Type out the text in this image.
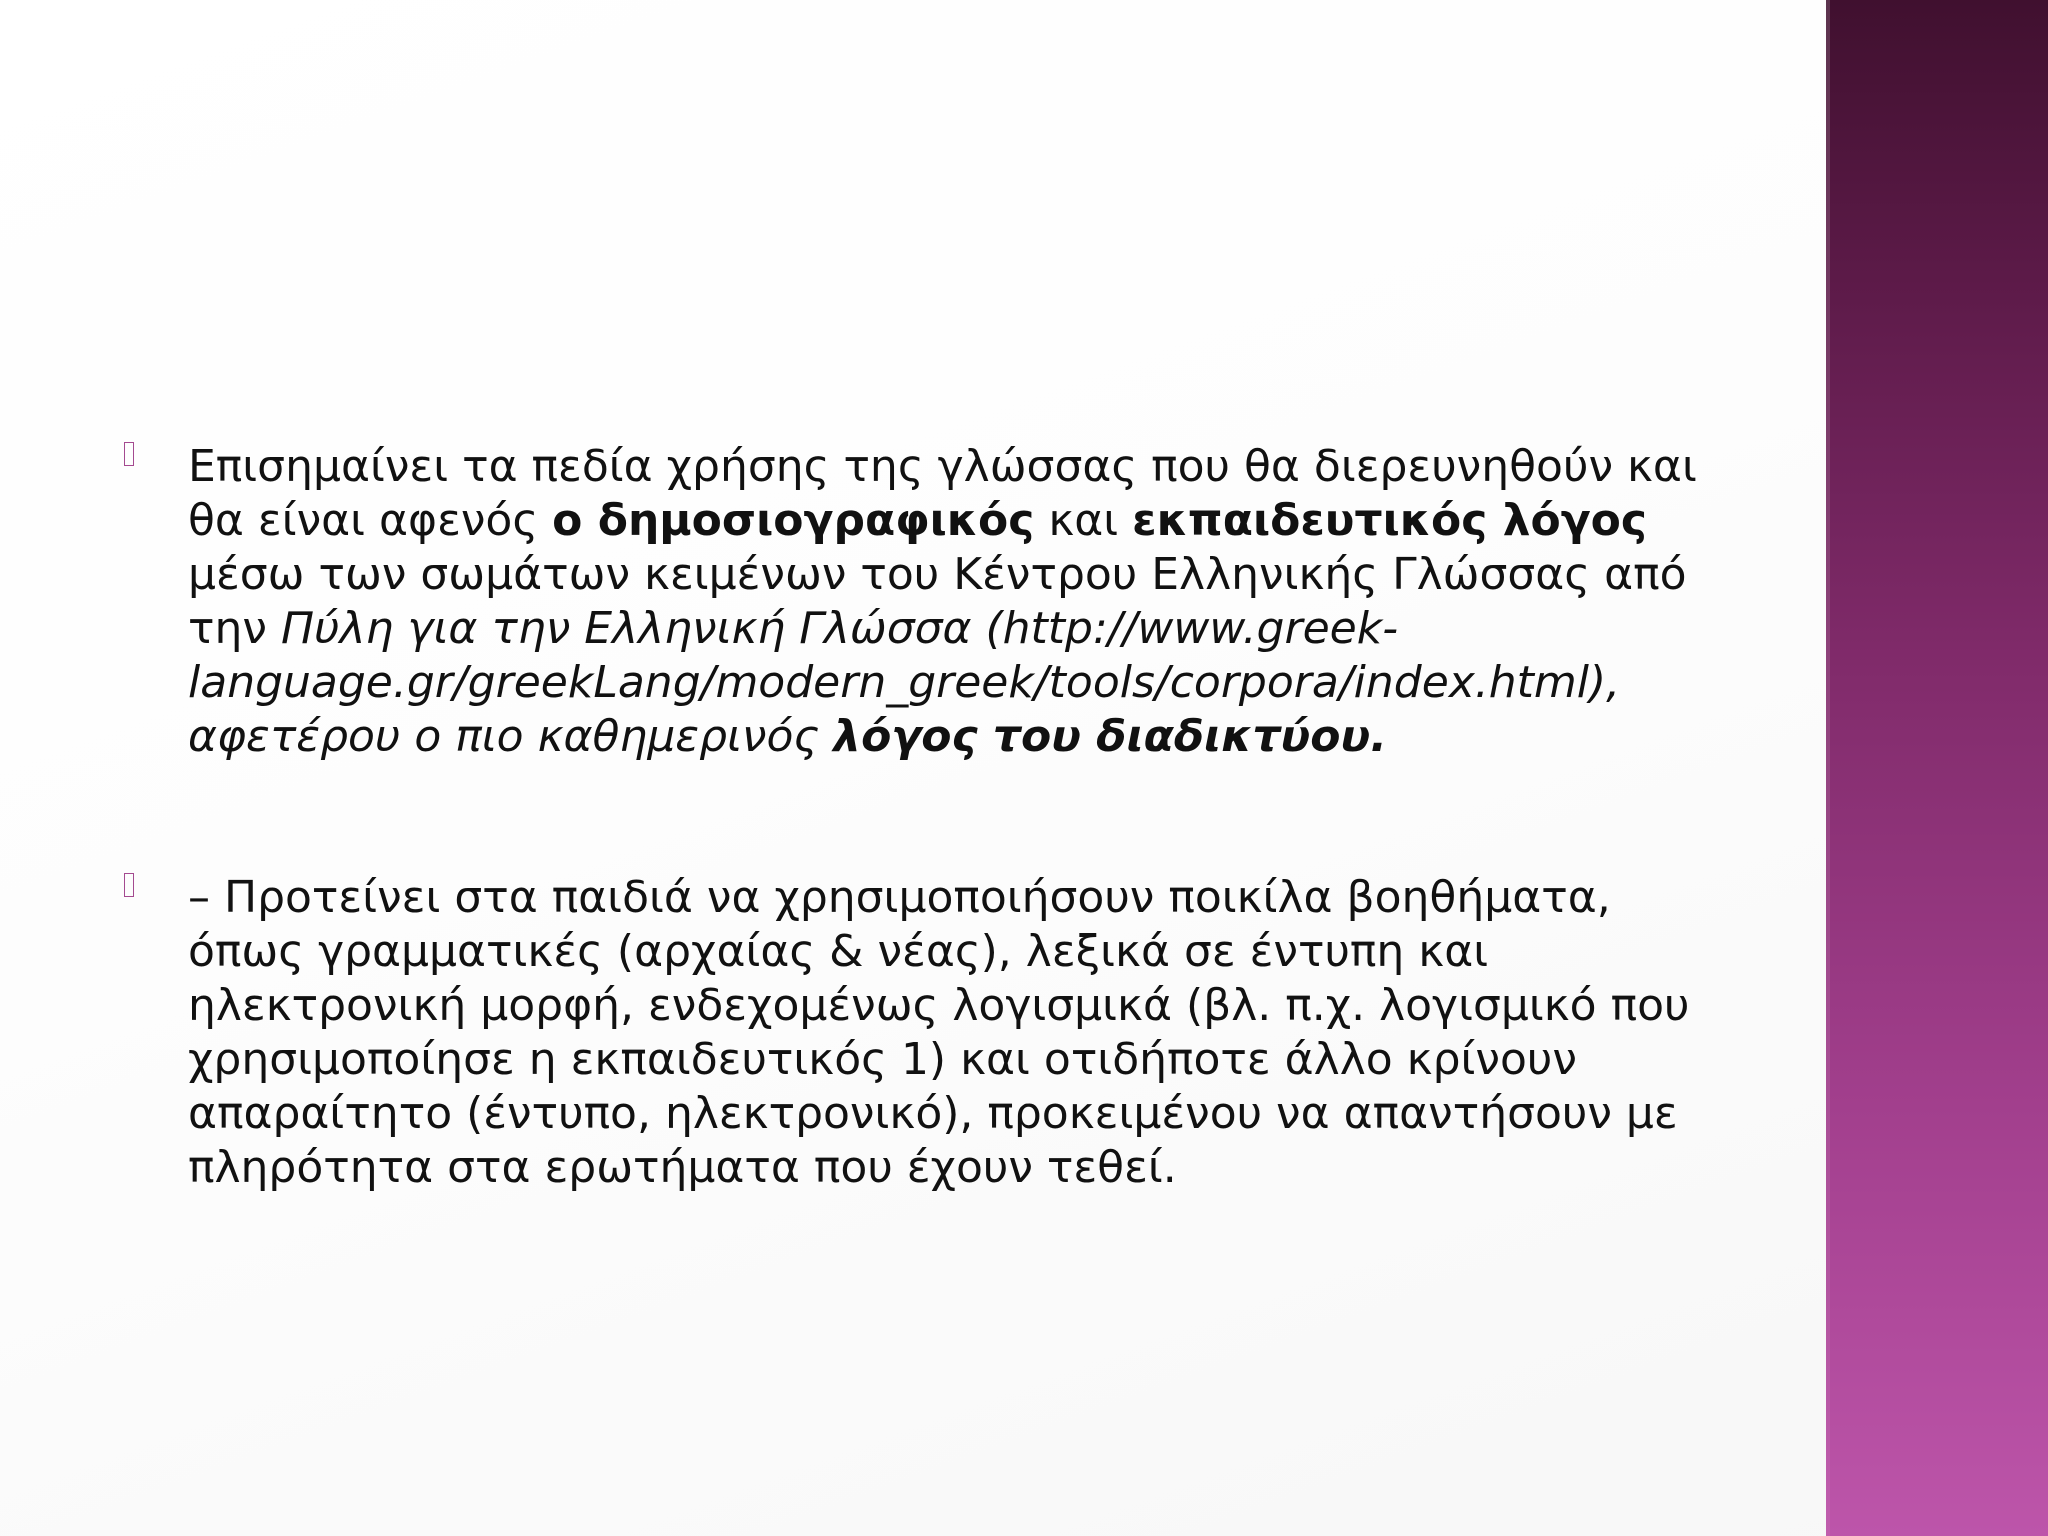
Επισημαίνει τα πεδία χρήσης της γλώσσας που θα διερευνηθούν και θα είναι αφενός ο δημοσιογραφικός και εκπαιδευτικός λόγος μέσω των σωμάτων κειμένων του Κέντρου Ελληνικής Γλώσσας από την Πύλη για την Ελληνική Γλώσσα (http://www.greek-language.gr/greekLang/modern_greek/tools/corpora/index.html), αφετέρου ο πιο καθημερινός λόγος του διαδικτύου.
– Προτείνει στα παιδιά να χρησιμοποιήσουν ποικίλα βοηθήματα, όπως γραμματικές (αρχαίας & νέας), λεξικά σε έντυπη και ηλεκτρονική μορφή, ενδεχομένως λογισμικά (βλ. π.χ. λογισμικό που χρησιμοποίησε η εκπαιδευτικός 1) και οτιδήποτε άλλο κρίνουν απαραίτητο (έντυπο, ηλεκτρονικό), προκειμένου να απαντήσουν με πληρότητα στα ερωτήματα που έχουν τεθεί.
